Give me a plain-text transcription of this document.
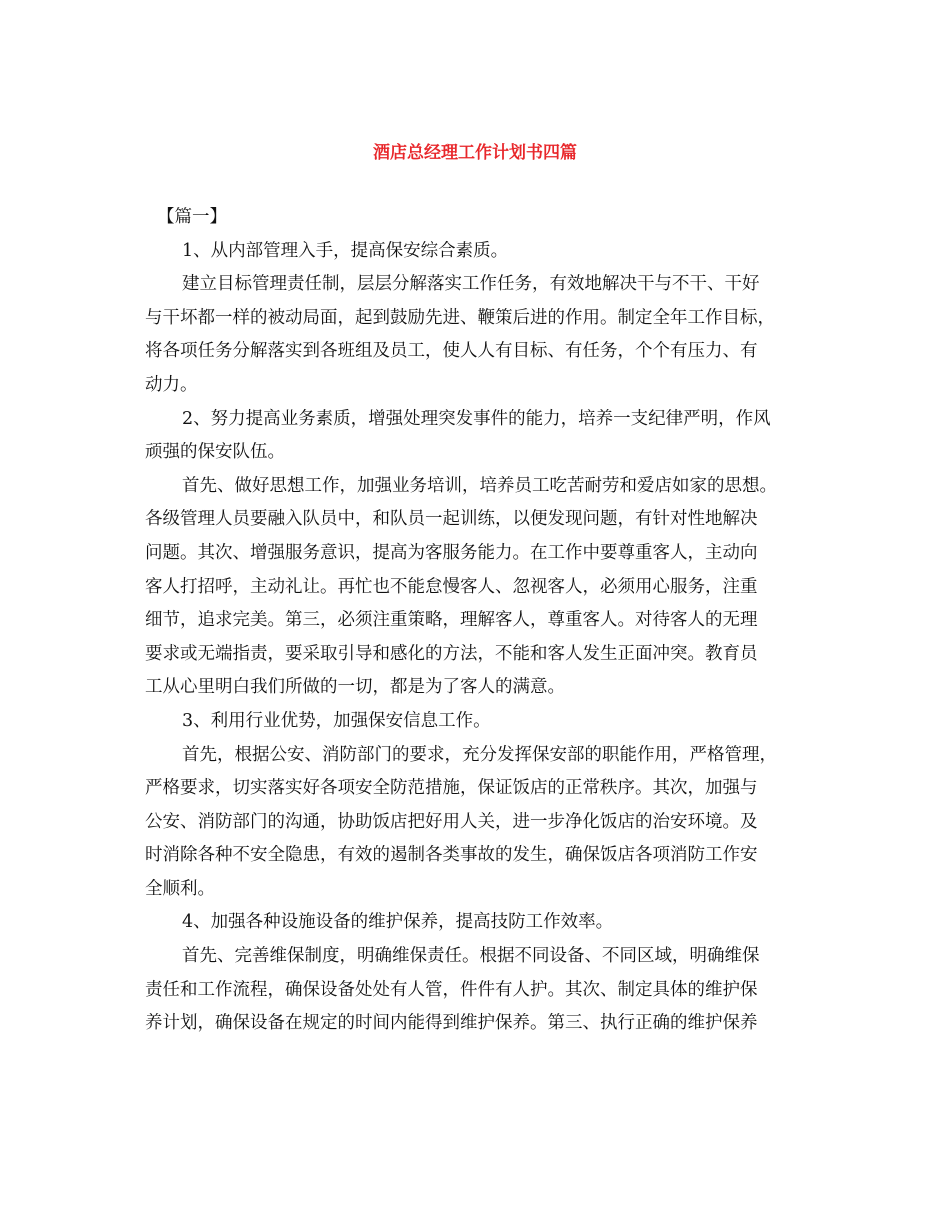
酒店总经理工作计划书四篇
【篇一】
1、从内部管理入手，提高保安综合素质。
建立目标管理责任制，层层分解落实工作任务，有效地解决干与不干、干好
与干坏都一样的被动局面，起到鼓励先进、鞭策后进的作用。制定全年工作目标，
将各项任务分解落实到各班组及员工，使人人有目标、有任务，个个有压力、有
动力。
2、努力提高业务素质，增强处理突发事件的能力，培养一支纪律严明，作风
顽强的保安队伍。
首先、做好思想工作，加强业务培训，培养员工吃苦耐劳和爱店如家的思想。
各级管理人员要融入队员中，和队员一起训练，以便发现问题，有针对性地解决
问题。其次、增强服务意识，提高为客服务能力。在工作中要尊重客人，主动向
客人打招呼，主动礼让。再忙也不能怠慢客人、忽视客人，必须用心服务，注重
细节，追求完美。第三，必须注重策略，理解客人，尊重客人。对待客人的无理
要求或无端指责，要采取引导和感化的方法，不能和客人发生正面冲突。教育员
工从心里明白我们所做的一切，都是为了客人的满意。
3、利用行业优势，加强保安信息工作。
首先，根据公安、消防部门的要求，充分发挥保安部的职能作用，严格管理，
严格要求，切实落实好各项安全防范措施，保证饭店的正常秩序。其次，加强与
公安、消防部门的沟通，协助饭店把好用人关，进一步净化饭店的治安环境。及
时消除各种不安全隐患，有效的遏制各类事故的发生，确保饭店各项消防工作安
全顺利。
4、加强各种设施设备的维护保养，提高技防工作效率。
首先、完善维保制度，明确维保责任。根据不同设备、不同区域，明确维保
责任和工作流程，确保设备处处有人管，件件有人护。其次、制定具体的维护保
养计划，确保设备在规定的时间内能得到维护保养。第三、执行正确的维护保养
